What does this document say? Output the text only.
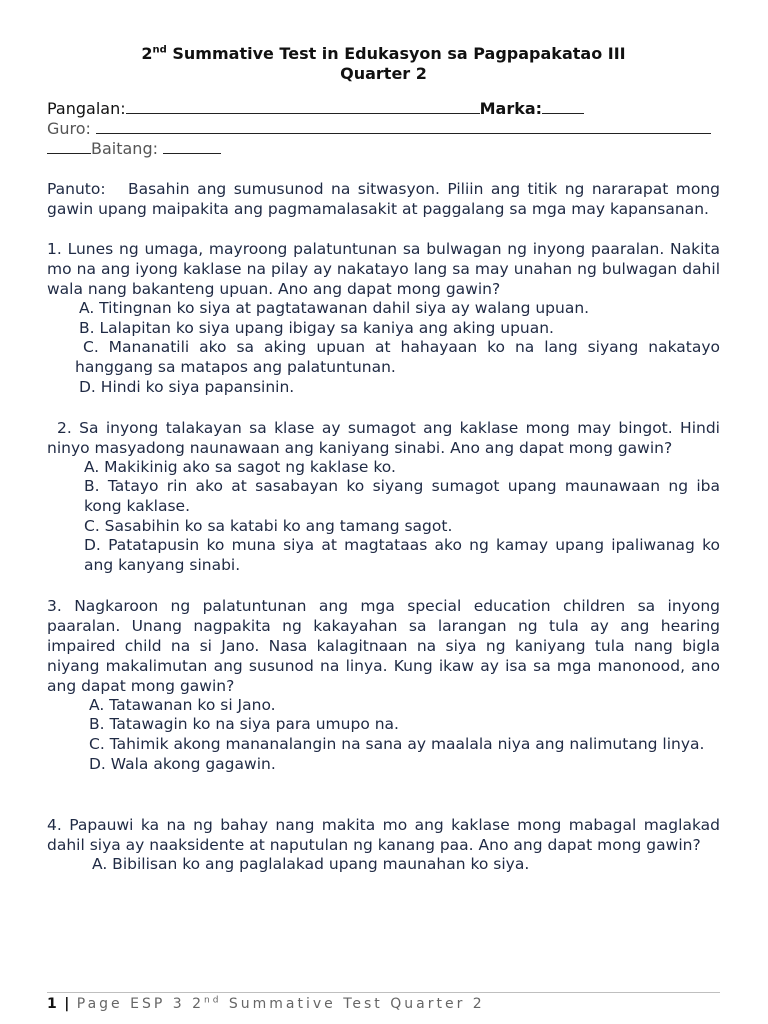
2nd Summative Test in Edukasyon sa Pagpapakatao III
Quarter 2
Pangalan:	Marka:
Guro:
Baitang:
Panuto: Basahin ang sumusunod na sitwasyon. Piliin ang titik ng nararapat mong gawin upang maipakita ang pagmamalasakit at paggalang sa mga may kapansanan.
1. Lunes ng umaga, mayroong palatuntunan sa bulwagan ng inyong paaralan. Nakita mo na ang iyong kaklase na pilay ay nakatayo lang sa may unahan ng bulwagan dahil wala nang bakanteng upuan. Ano ang dapat mong gawin?
A. Titingnan ko siya at pagtatawanan dahil siya ay walang upuan.
B. Lalapitan ko siya upang ibigay sa kaniya ang aking upuan.
C. Mananatili ako sa aking upuan at hahayaan ko na lang siyang nakatayo hanggang sa matapos ang palatuntunan.
D. Hindi ko siya papansinin.
2. Sa inyong talakayan sa klase ay sumagot ang kaklase mong may bingot. Hindi ninyo masyadong naunawaan ang kaniyang sinabi. Ano ang dapat mong gawin?
A. Makikinig ako sa sagot ng kaklase ko.
B. Tatayo rin ako at sasabayan ko siyang sumagot upang maunawaan ng iba kong kaklase.
C. Sasabihin ko sa katabi ko ang tamang sagot.
D. Patatapusin ko muna siya at magtataas ako ng kamay upang ipaliwanag ko ang kanyang sinabi.
3. Nagkaroon ng palatuntunan ang mga special education children sa inyong paaralan. Unang nagpakita ng kakayahan sa larangan ng tula ay ang hearing impaired child na si Jano. Nasa kalagitnaan na siya ng kaniyang tula nang bigla niyang makalimutan ang susunod na linya. Kung ikaw ay isa sa mga manonood, ano ang dapat mong gawin?
A. Tatawanan ko si Jano.
B. Tatawagin ko na siya para umupo na.
C. Tahimik akong mananalangin na sana ay maalala niya ang nalimutang linya.
D. Wala akong gagawin.
4. Papauwi ka na ng bahay nang makita mo ang kaklase mong mabagal maglakad dahil siya ay naaksidente at naputulan ng kanang paa. Ano ang dapat mong gawin?
A. Bibilisan ko ang paglalakad upang maunahan ko siya.
1 | Page ESP 3 2nd Summative Test Quarter 2
